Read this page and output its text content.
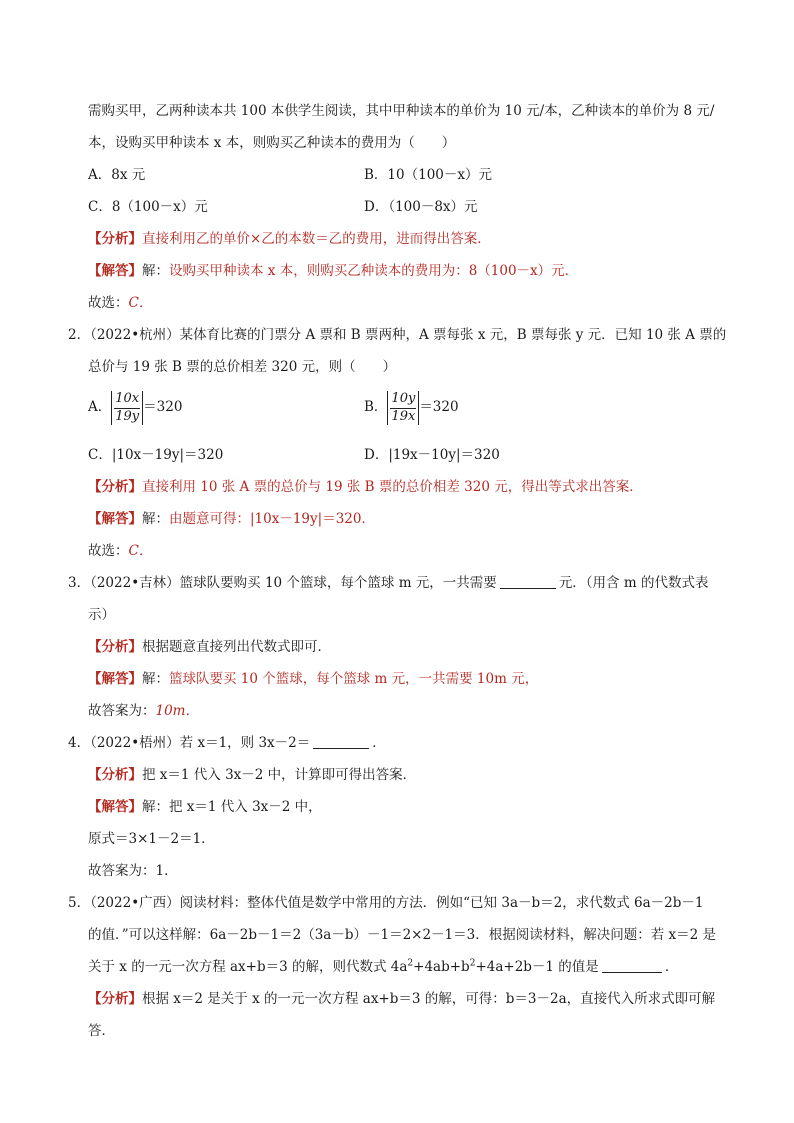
需购买甲，乙两种读本共 100 本供学生阅读，其中甲种读本的单价为 10 元/本，乙种读本的单价为 8 元/
本，设购买甲种读本 x 本，则购买乙种读本的费用为（　　）
A．8x 元	B．10（100－x）元
C．8（100－x）元	D．（100－8x）元
【分析】直接利用乙的单价×乙的本数＝乙的费用，进而得出答案．
【解答】解：设购买甲种读本 x 本，则购买乙种读本的费用为：8（100－x）元．
故选：C．
2．（2022•杭州）某体育比赛的门票分 A 票和 B 票两种，A 票每张 x 元，B 票每张 y 元．已知 10 张 A 票的
总价与 19 张 B 票的总价相差 320 元，则（　　）
A． $\frac{10x}{19y} =320$	B． $\frac{10y}{19x} =320$
C．|10x－19y|＝320	D．|19x－10y|＝320
【分析】直接利用 10 张 A 票的总价与 19 张 B 票的总价相差 320 元，得出等式求出答案．
【解答】解：由题意可得：|10x－19y|＝320．
故选：C．
3．（2022•吉林）篮球队要购买 10 个篮球，每个篮球 m 元，一共需要	元．（用含 m 的代数式表
示）
【分析】根据题意直接列出代数式即可．
【解答】解：篮球队要买 10 个篮球，每个篮球 m 元，一共需要 10m 元，
故答案为：10m．
4．（2022•梧州）若 x＝1，则 3x－2＝	．
【分析】把 x＝1 代入 3x－2 中，计算即可得出答案．
【解答】解：把 x＝1 代入 3x－2 中，
原式＝3×1－2＝1．
故答案为：1．
5．（2022•广西）阅读材料：整体代值是数学中常用的方法．例如“已知 3a－b＝2，求代数式 6a－2b－1
的值．”可以这样解：6a－2b－1＝2（3a－b）－1＝2×2－1＝3．根据阅读材料，解决问题：若 x＝2 是
关于 x 的一元一次方程 ax+b＝3 的解，则代数式 $4a^2+4ab+b^2+4a+2b-1$ 的值是	．
【分析】根据 x＝2 是关于 x 的一元一次方程 ax+b＝3 的解，可得：b＝3－2a，直接代入所求式即可解
答．
